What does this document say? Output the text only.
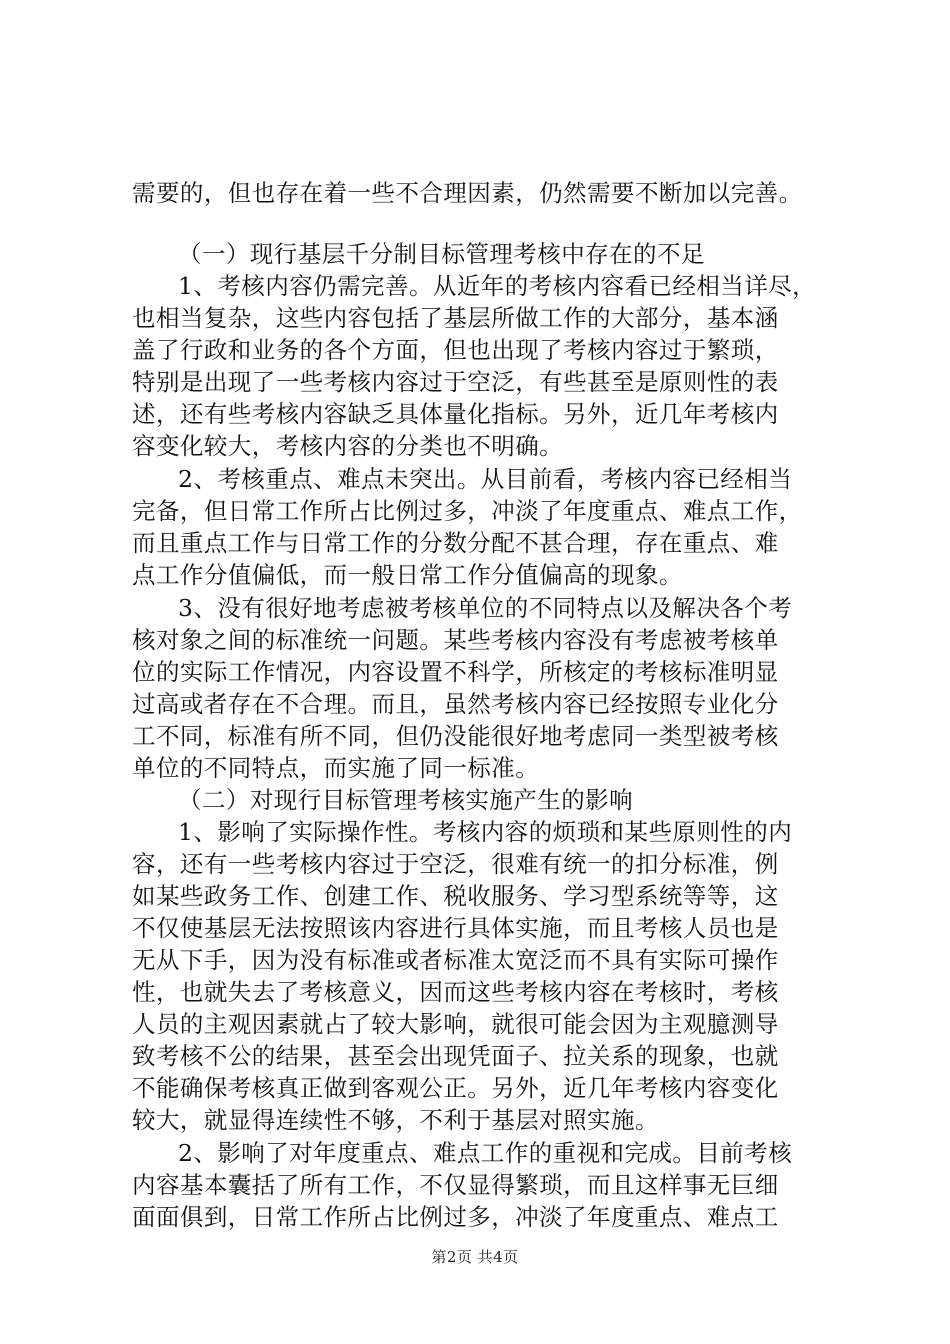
需要的，但也存在着一些不合理因素，仍然需要不断加以完善。
（一）现行基层千分制目标管理考核中存在的不足
1、考核内容仍需完善。从近年的考核内容看已经相当详尽，
也相当复杂，这些内容包括了基层所做工作的大部分，基本涵
盖了行政和业务的各个方面，但也出现了考核内容过于繁琐，
特别是出现了一些考核内容过于空泛，有些甚至是原则性的表
述，还有些考核内容缺乏具体量化指标。另外，近几年考核内
容变化较大，考核内容的分类也不明确。
2、考核重点、难点未突出。从目前看，考核内容已经相当
完备，但日常工作所占比例过多，冲淡了年度重点、难点工作，
而且重点工作与日常工作的分数分配不甚合理，存在重点、难
点工作分值偏低，而一般日常工作分值偏高的现象。
3、没有很好地考虑被考核单位的不同特点以及解决各个考
核对象之间的标准统一问题。某些考核内容没有考虑被考核单
位的实际工作情况，内容设置不科学，所核定的考核标准明显
过高或者存在不合理。而且，虽然考核内容已经按照专业化分
工不同，标准有所不同，但仍没能很好地考虑同一类型被考核
单位的不同特点，而实施了同一标准。
（二）对现行目标管理考核实施产生的影响
1、影响了实际操作性。考核内容的烦琐和某些原则性的内
容，还有一些考核内容过于空泛，很难有统一的扣分标准，例
如某些政务工作、创建工作、税收服务、学习型系统等等，这
不仅使基层无法按照该内容进行具体实施，而且考核人员也是
无从下手，因为没有标准或者标准太宽泛而不具有实际可操作
性，也就失去了考核意义，因而这些考核内容在考核时，考核
人员的主观因素就占了较大影响，就很可能会因为主观臆测导
致考核不公的结果，甚至会出现凭面子、拉关系的现象，也就
不能确保考核真正做到客观公正。另外，近几年考核内容变化
较大，就显得连续性不够，不利于基层对照实施。
2、影响了对年度重点、难点工作的重视和完成。目前考核
内容基本囊括了所有工作，不仅显得繁琐，而且这样事无巨细
面面俱到，日常工作所占比例过多，冲淡了年度重点、难点工
第2页 共4页
